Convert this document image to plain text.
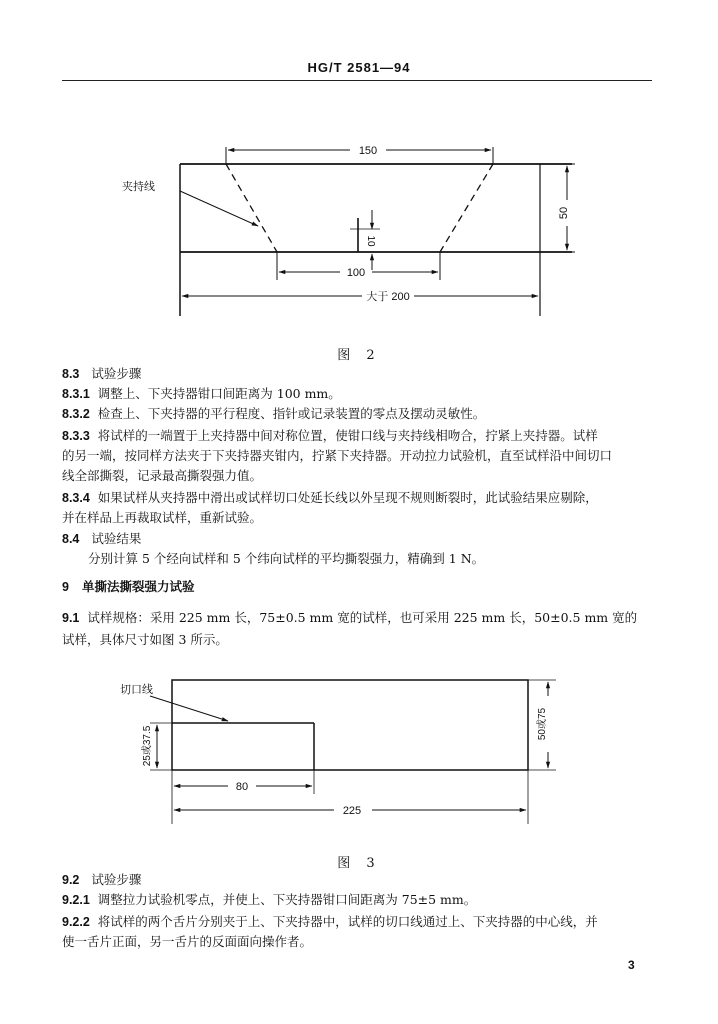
HG/T 2581—94
夹持线
150
100
大于 200
50
10
图 2
8.3 试验步骤
8.3.1 调整上、下夹持器钳口间距离为 100 mm。
8.3.2 检查上、下夹持器的平行程度、指针或记录装置的零点及摆动灵敏性。
8.3.3 将试样的一端置于上夹持器中间对称位置，使钳口线与夹持线相吻合，拧紧上夹持器。试样
的另一端，按同样方法夹于下夹持器夹钳内，拧紧下夹持器。开动拉力试验机，直至试样沿中间切口
线全部撕裂，记录最高撕裂强力值。
8.3.4 如果试样从夹持器中滑出或试样切口处延长线以外呈现不规则断裂时，此试验结果应剔除，
并在样品上再裁取试样，重新试验。
8.4 试验结果
分别计算 5 个经向试样和 5 个纬向试样的平均撕裂强力，精确到 1 N。
9 单撕法撕裂强力试验
9.1 试样规格：采用 225 mm 长，75±0.5 mm 宽的试样，也可采用 225 mm 长，50±0.5 mm 宽的
试样，具体尺寸如图 3 所示。
切口线
25或37.5
80
225
50或75
图 3
9.2 试验步骤
9.2.1 调整拉力试验机零点，并使上、下夹持器钳口间距离为 75±5 mm。
9.2.2 将试样的两个舌片分别夹于上、下夹持器中，试样的切口线通过上、下夹持器的中心线，并
使一舌片正面，另一舌片的反面面向操作者。
3
